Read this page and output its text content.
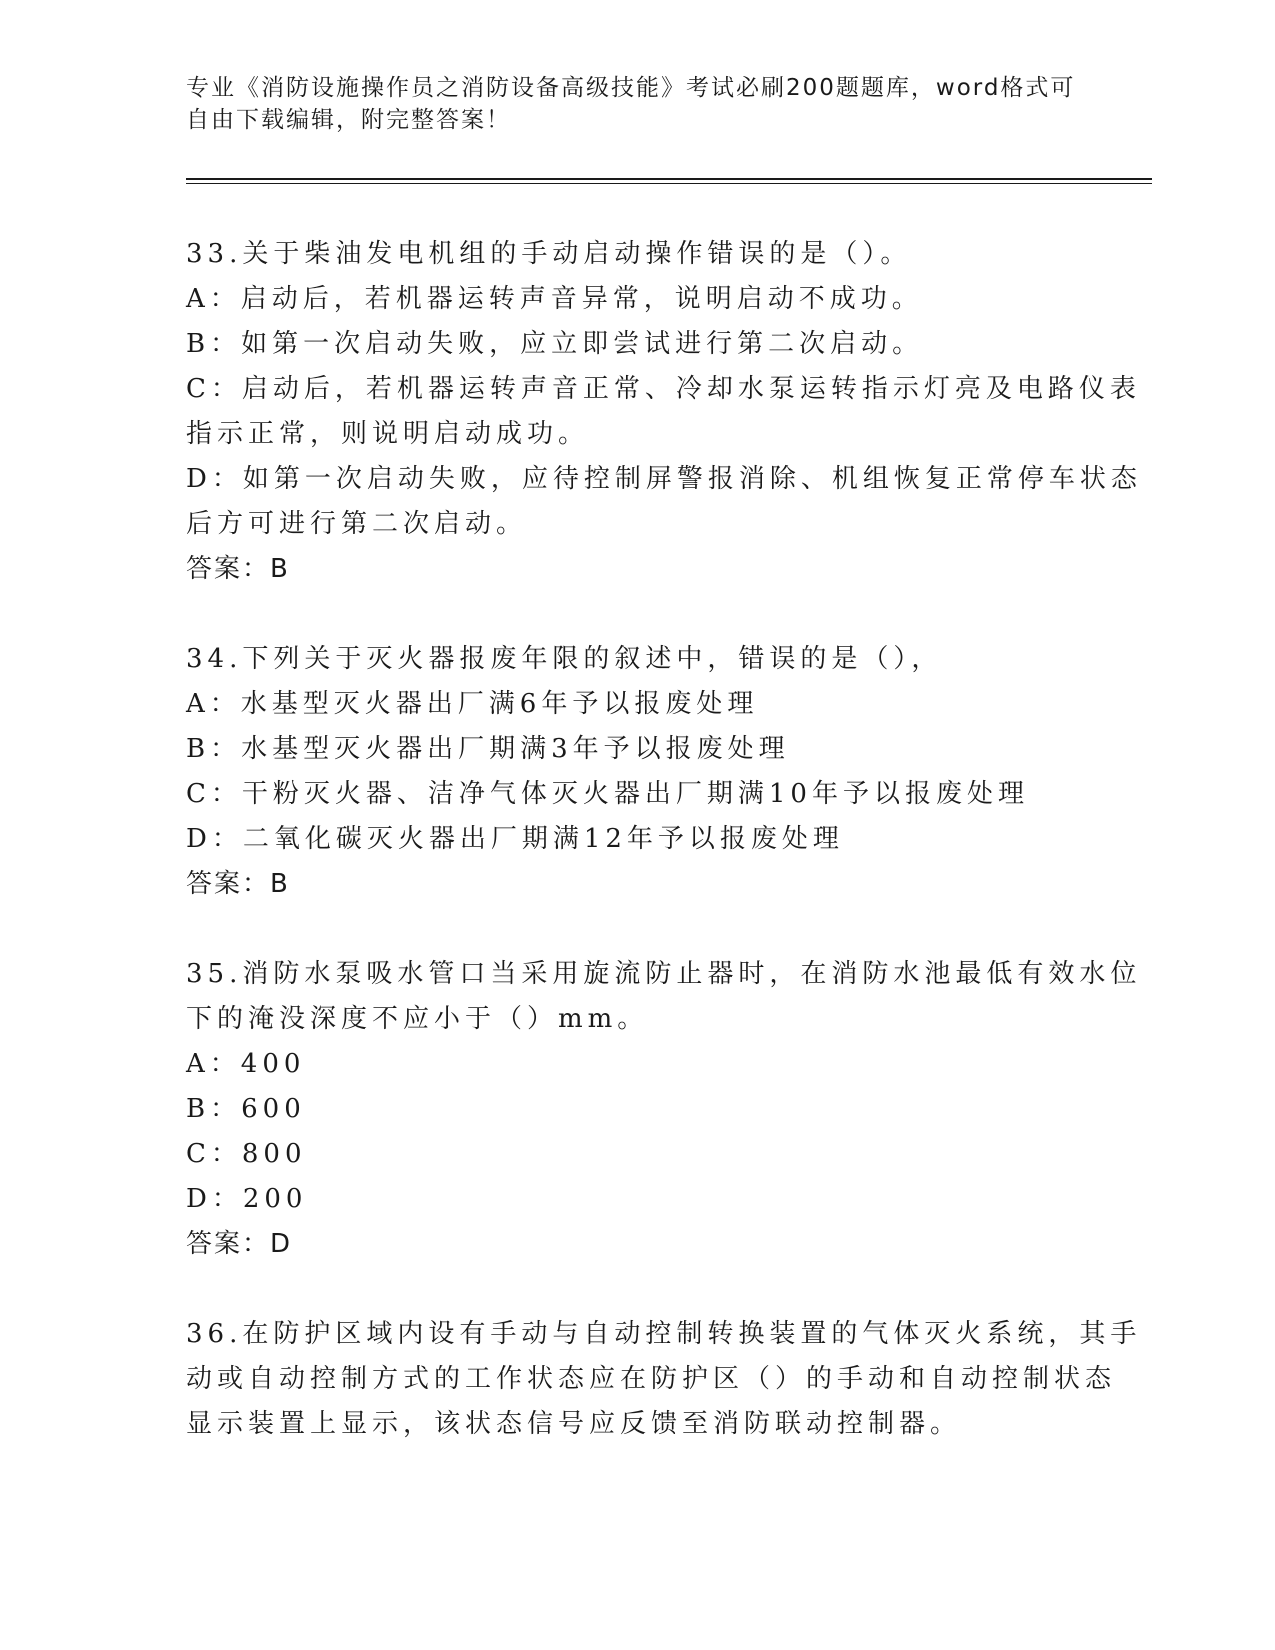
专业《消防设施操作员之消防设备高级技能》考试必刷200题题库，word格式可
自由下载编辑，附完整答案！
33.关于柴油发电机组的手动启动操作错误的是（）。
A：启动后，若机器运转声音异常，说明启动不成功。
B：如第一次启动失败，应立即尝试进行第二次启动。
C：启动后，若机器运转声音正常、冷却水泵运转指示灯亮及电路仪表
指示正常，则说明启动成功。
D：如第一次启动失败，应待控制屏警报消除、机组恢复正常停车状态
后方可进行第二次启动。
答案：B
34.下列关于灭火器报废年限的叙述中，错误的是（），
A：水基型灭火器出厂满6年予以报废处理
B：水基型灭火器出厂期满3年予以报废处理
C：干粉灭火器、洁净气体灭火器出厂期满10年予以报废处理
D：二氧化碳灭火器出厂期满12年予以报废处理
答案：B
35.消防水泵吸水管口当采用旋流防止器时，在消防水池最低有效水位
下的淹没深度不应小于（）mm。
A：400
B：600
C：800
D：200
答案：D
36.在防护区域内设有手动与自动控制转换装置的气体灭火系统，其手
动或自动控制方式的工作状态应在防护区（）的手动和自动控制状态
显示装置上显示，该状态信号应反馈至消防联动控制器。
